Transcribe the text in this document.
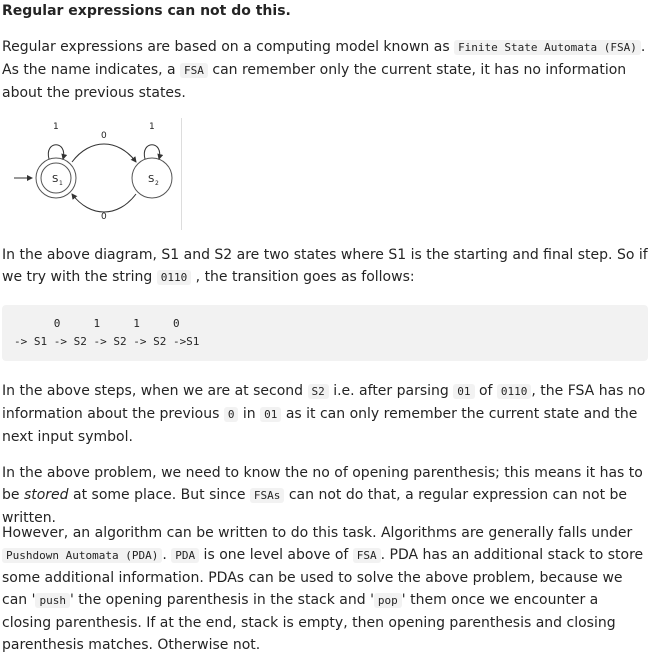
Regular expressions can not do this.

Regular expressions are based on a computing model known as Finite State Automata (FSA) . As the name indicates, a FSA can remember only the current state, it has no information about the previous states.

S 1	S 2
1	1
0
0

In the above diagram, S1 and S2 are two states where S1 is the starting and final step. So if we try with the string 0110 , the transition goes as follows:

0     1     1     0
-> S1 -> S2 -> S2 -> S2 ->S1

In the above steps, when we are at second S2 i.e. after parsing 01 of 0110 , the FSA has no information about the previous 0 in 01 as it can only remember the current state and the next input symbol.

In the above problem, we need to know the no of opening parenthesis; this means it has to be stored at some place. But since FSAs can not do that, a regular expression can not be written.

However, an algorithm can be written to do this task. Algorithms are generally falls under Pushdown Automata (PDA) . PDA is one level above of FSA . PDA has an additional stack to store some additional information. PDAs can be used to solve the above problem, because we can ' push ' the opening parenthesis in the stack and ' pop ' them once we encounter a closing parenthesis. If at the end, stack is empty, then opening parenthesis and closing parenthesis matches. Otherwise not.
